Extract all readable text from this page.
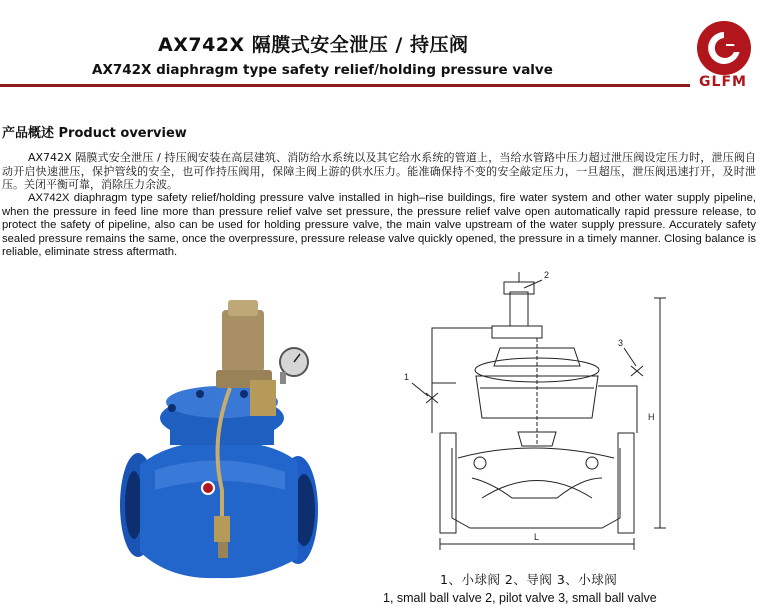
AX742X 隔膜式安全泄压 / 持压阀
AX742X diaphragm type safety relief/holding pressure valve
GLFM
产品概述 Product overview
AX742X 隔膜式安全泄压 / 持压阀安装在高层建筑、消防给水系统以及其它给水系统的管道上，当给水管路中压力超过泄压阀设定压力时，泄压阀自动开启快速泄压，保护管线的安全，也可作持压阀用，保障主阀上游的供水压力。能准确保持不变的安全敲定压力，一旦超压，泄压阀迅速打开，及时泄压。关闭平衡可靠，消除压力余波。
AX742X diaphragm type safety relief/holding pressure valve installed in high–rise buildings, fire water system and other water supply pipeline, when the pressure in feed line more than pressure relief valve set pressure, the pressure relief valve open automatically rapid pressure release, to protect the safety of pipeline, also can be used for holding pressure valve, the main valve upstream of the water supply pressure. Accurately safety sealed pressure remains the same, once the overpressure, pressure release valve quickly opened, the pressure in a timely manner. Closing balance is reliable, eliminate stress aftermath.
1
2
3
H
L
1、小球阀 2、导阀 3、小球阀
1, small ball valve 2, pilot valve 3, small ball valve
